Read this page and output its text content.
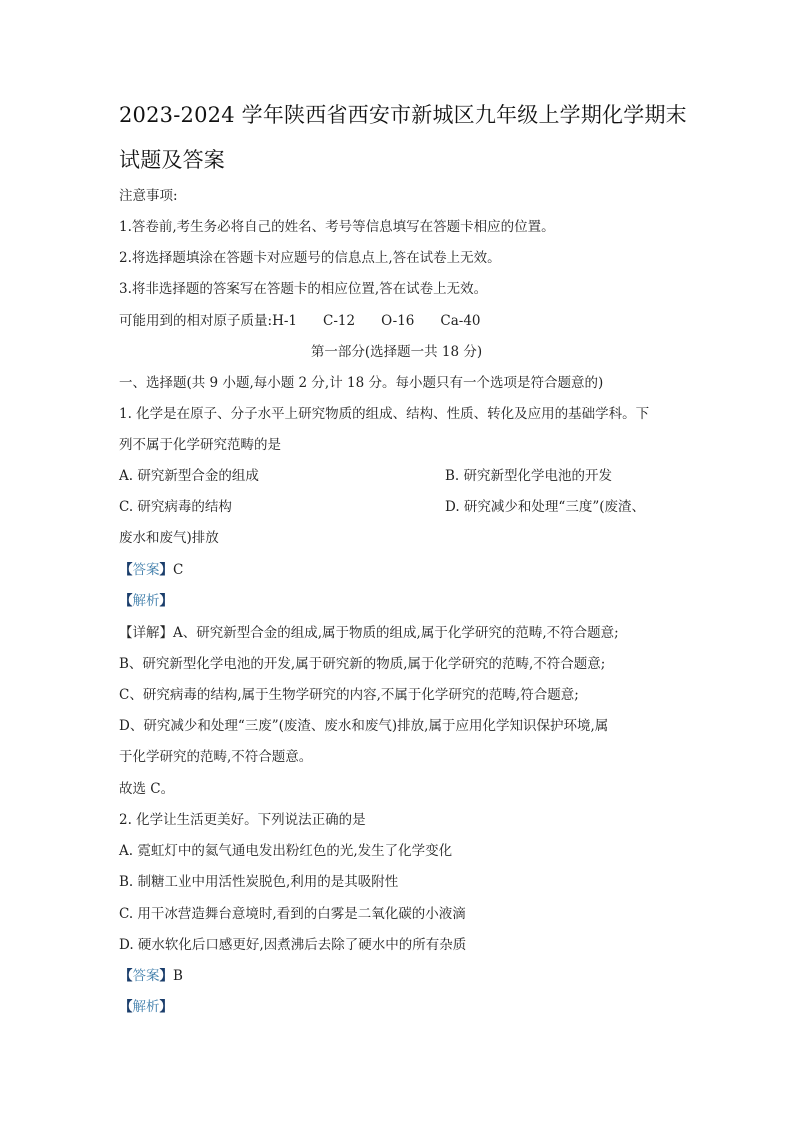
2023-2024 学年陕西省西安市新城区九年级上学期化学期末
试题及答案
注意事项:
1.答卷前,考生务必将自己的姓名、考号等信息填写在答题卡相应的位置。
2.将选择题填涂在答题卡对应题号的信息点上,答在试卷上无效。
3.将非选择题的答案写在答题卡的相应位置,答在试卷上无效。
可能用到的相对原子质量:H-1 C-12 O-16 Ca-40
第一部分(选择题一共 18 分)
一、选择题(共 9 小题,每小题 2 分,计 18 分。每小题只有一个选项是符合题意的)
1. 化学是在原子、分子水平上研究物质的组成、结构、性质、转化及应用的基础学科。下
列不属于化学研究范畴的是
A. 研究新型合金的组成	B. 研究新型化学电池的开发
C. 研究病毒的结构	D. 研究减少和处理“三度”(废渣、
废水和废气)排放
【答案】C
【解析】
【详解】A、研究新型合金的组成,属于物质的组成,属于化学研究的范畴,不符合题意;
B、研究新型化学电池的开发,属于研究新的物质,属于化学研究的范畴,不符合题意;
C、研究病毒的结构,属于生物学研究的内容,不属于化学研究的范畴,符合题意;
D、研究减少和处理“三废”(废渣、废水和废气)排放,属于应用化学知识保护环境,属
于化学研究的范畴,不符合题意。
故选 C。
2. 化学让生活更美好。下列说法正确的是
A. 霓虹灯中的氦气通电发出粉红色的光,发生了化学变化
B. 制糖工业中用活性炭脱色,利用的是其吸附性
C. 用干冰营造舞台意境时,看到的白雾是二氧化碳的小液滴
D. 硬水软化后口感更好,因煮沸后去除了硬水中的所有杂质
【答案】B
【解析】
